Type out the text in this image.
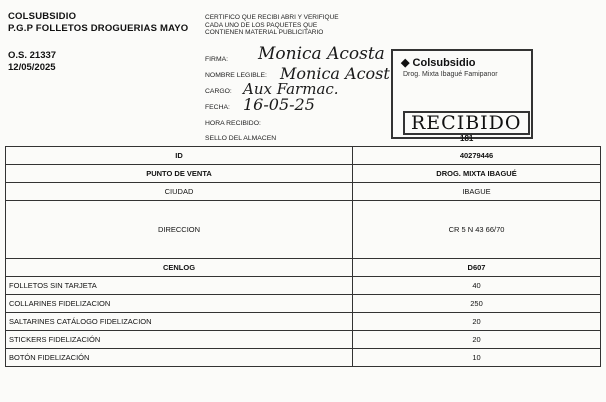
COLSUBSIDIO
P.G.P FOLLETOS DROGUERIAS MAYO
O.S. 21337
12/05/2025
CERTIFICO QUE RECIBI ABRI Y VERIFIQUE CADA UNO DE LOS PAQUETES QUE CONTIENEN MATERIAL PUBLICITARIO
FIRMA: Monica Acosta
NOMBRE LEGIBLE: Monica Acost
CARGO: Aux Farmac.
FECHA: 16-05-25
HORA RECIBIDO:
SELLO DEL ALMACEN
◆ Colsubsidio
Drog. Mixta Ibagué Famipanor
RECIBIDO
181
ID	40279446
PUNTO DE VENTA	DROG. MIXTA IBAGUÉ
CIUDAD	IBAGUE
DIRECCION	CR 5 N 43 66/70
CENLOG	D607
FOLLETOS SIN TARJETA	40
COLLARINES FIDELIZACION	250
SALTARINES CATÁLOGO FIDELIZACION	20
STICKERS FIDELIZACIÓN	20
BOTÓN FIDELIZACIÓN	10
